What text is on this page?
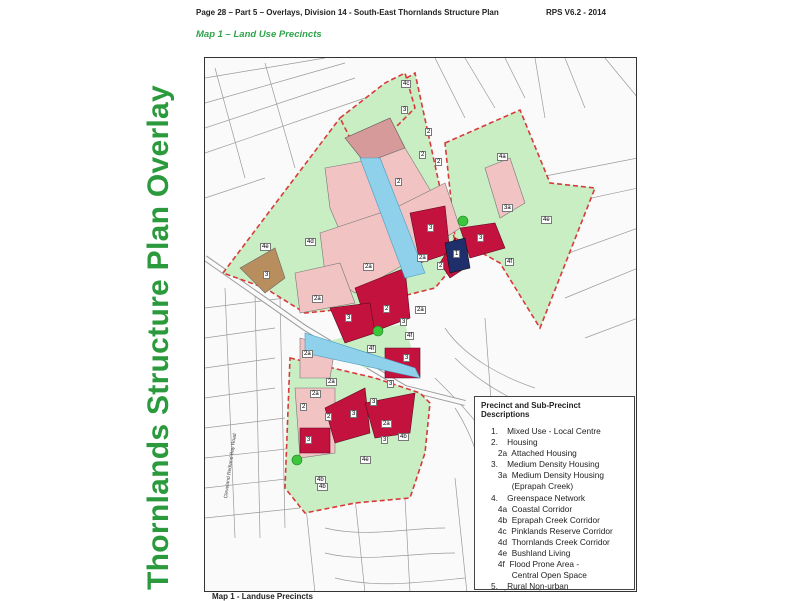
Page 28 – Part 5 – Overlays, Division 14 - South-East Thornlands Structure Plan	RPS V6.2 - 2014
Map 1 – Land Use Precincts
Thornlands Structure Plan Overlay
4c
3
2
2
4a
3a
2
2
4e
4b
2a
2a
3
3
1
3
4e
4f
4d
3
2a
2
3
2	2a
4f
3
3
2a
2a
4f
3
2a
2
3
2
2a
3	4b
3
4e
4b
Cleveland Redland Bay Road
Precinct and Sub-Precinct Descriptions
1.    Mixed Use - Local Centre
2.    Housing
2a  Attached Housing
3.    Medium Density Housing
3a  Medium Density Housing
(Eprapah Creek)
4.    Greenspace Network
4a  Coastal Corridor
4b  Eprapah Creek Corridor
4c  Pinklands Reserve Corridor
4d  Thornlands Creek Corridor
4e  Bushland Living
4f  Flood Prone Area -
Central Open Space
5.    Rural Non-urban
Map 1 - Landuse Precincts
